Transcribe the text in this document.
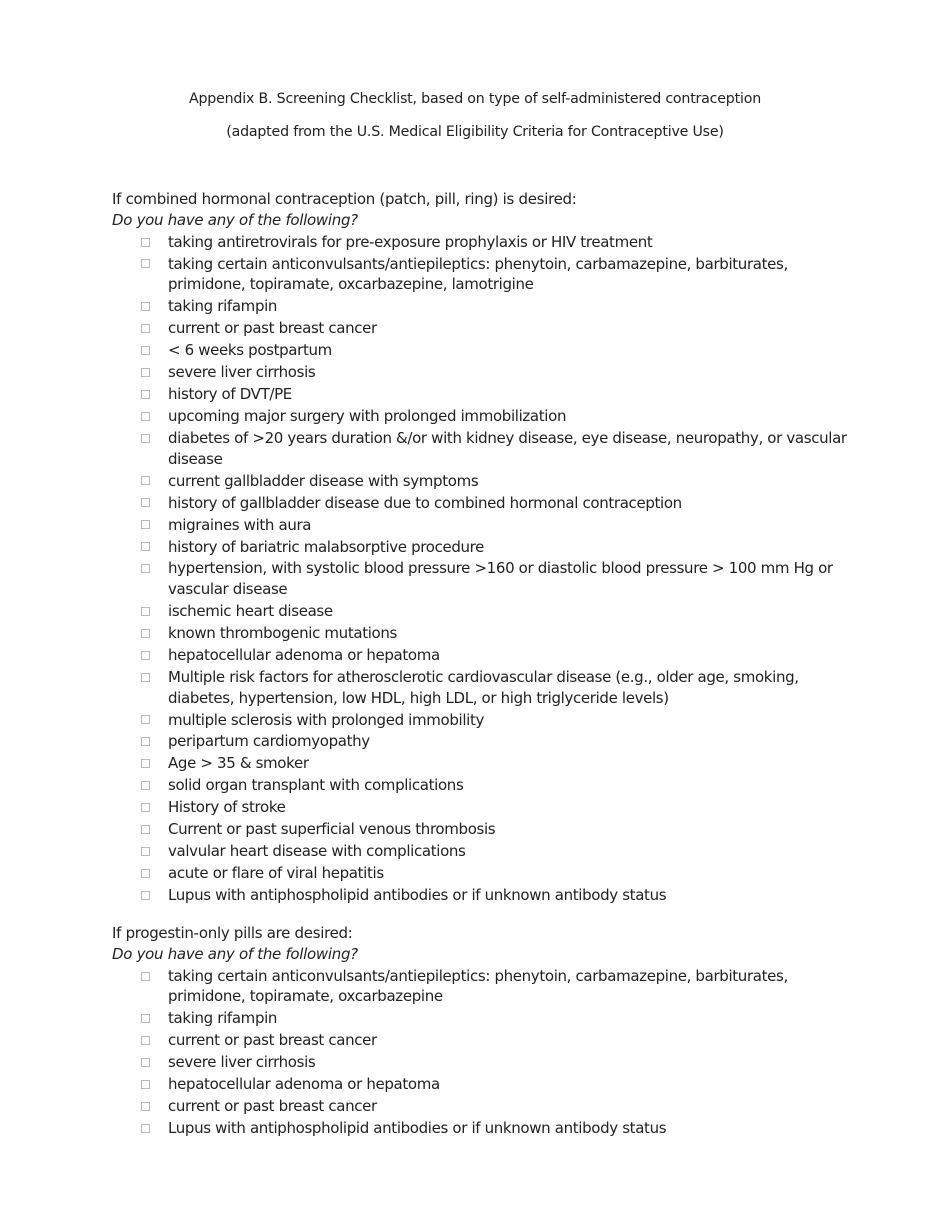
Appendix B. Screening Checklist, based on type of self-administered contraception
(adapted from the U.S. Medical Eligibility Criteria for Contraceptive Use)
If combined hormonal contraception (patch, pill, ring) is desired:
Do you have any of the following?
taking antiretrovirals for pre-exposure prophylaxis or HIV treatment
taking certain anticonvulsants/antiepileptics: phenytoin, carbamazepine, barbiturates, primidone, topiramate, oxcarbazepine, lamotrigine
taking rifampin
current or past breast cancer
< 6 weeks postpartum
severe liver cirrhosis
history of DVT/PE
upcoming major surgery with prolonged immobilization
diabetes of >20 years duration &/or with kidney disease, eye disease, neuropathy, or vascular disease
current gallbladder disease with symptoms
history of gallbladder disease due to combined hormonal contraception
migraines with aura
history of bariatric malabsorptive procedure
hypertension, with systolic blood pressure >160 or diastolic blood pressure > 100 mm Hg or vascular disease
ischemic heart disease
known thrombogenic mutations
hepatocellular adenoma or hepatoma
Multiple risk factors for atherosclerotic cardiovascular disease (e.g., older age, smoking, diabetes, hypertension, low HDL, high LDL, or high triglyceride levels)
multiple sclerosis with prolonged immobility
peripartum cardiomyopathy
Age > 35 & smoker
solid organ transplant with complications
History of stroke
Current or past superficial venous thrombosis
valvular heart disease with complications
acute or flare of viral hepatitis
Lupus with antiphospholipid antibodies or if unknown antibody status
If progestin-only pills are desired:
Do you have any of the following?
taking certain anticonvulsants/antiepileptics: phenytoin, carbamazepine, barbiturates, primidone, topiramate, oxcarbazepine
taking rifampin
current or past breast cancer
severe liver cirrhosis
hepatocellular adenoma or hepatoma
current or past breast cancer
Lupus with antiphospholipid antibodies or if unknown antibody status
